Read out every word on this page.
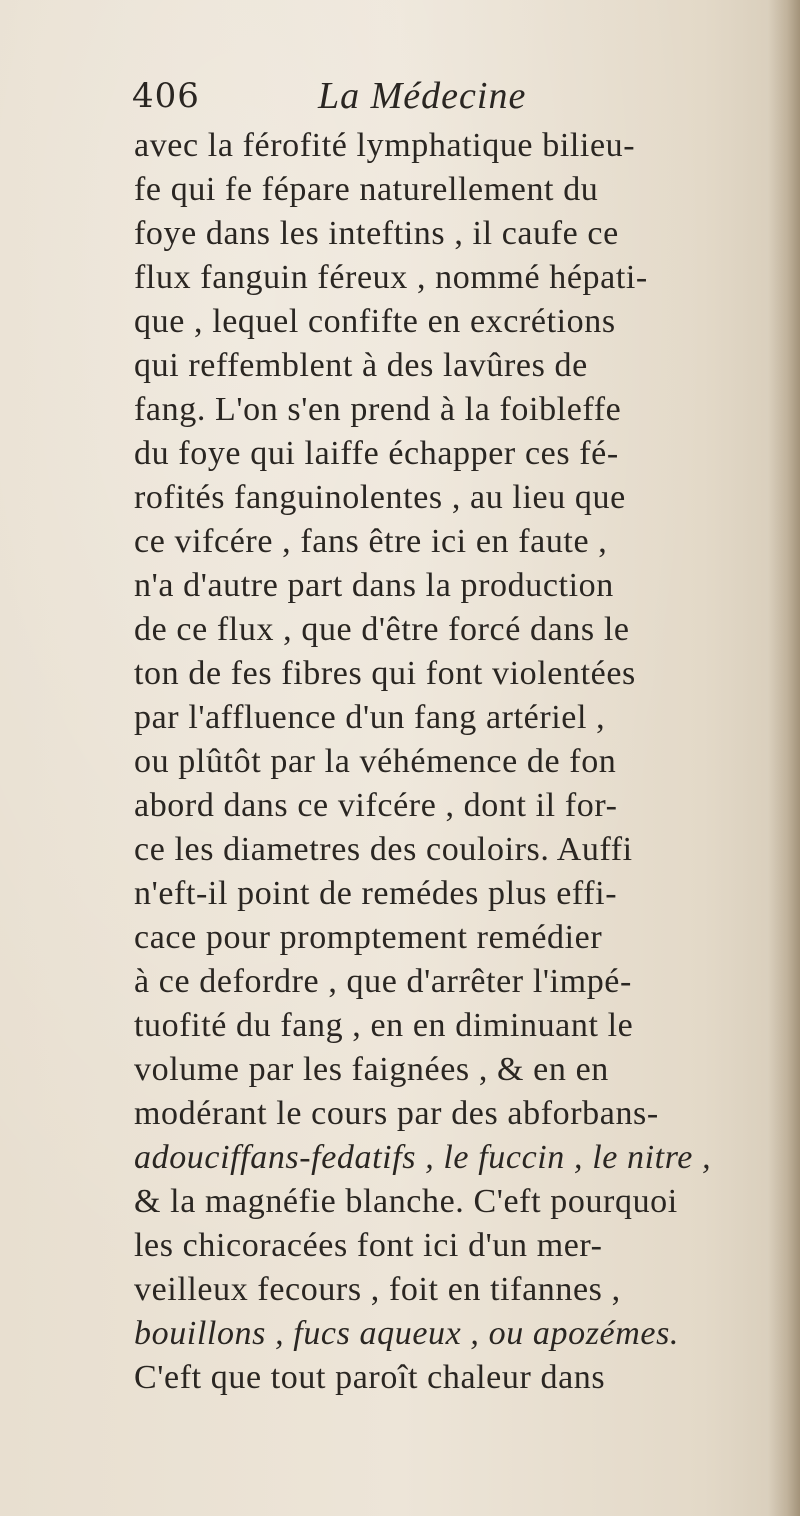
406	La Médecine
avec la férofité lymphatique bilieu-
fe qui fe fépare naturellement du
foye dans les inteftins , il caufe ce
flux fanguin féreux , nommé hépati-
que , lequel confifte en excrétions
qui reffemblent à des lavûres de
fang. L'on s'en prend à la foibleffe
du foye qui laiffe échapper ces fé-
rofités fanguinolentes , au lieu que
ce vifcére , fans être ici en faute ,
n'a d'autre part dans la production
de ce flux , que d'être forcé dans le
ton de fes fibres qui font violentées
par l'affluence d'un fang artériel ,
ou plûtôt par la véhémence de fon
abord dans ce vifcére , dont il for-
ce les diametres des couloirs. Auffi
n'eft-il point de remédes plus effi-
cace pour promptement remédier
à ce defordre , que d'arrêter l'impé-
tuofité du fang , en en diminuant le
volume par les faignées , & en en
modérant le cours par des abforbans-
adouciffans-fedatifs , le fuccin , le nitre ,
& la magnéfie blanche. C'eft pourquoi
les chicoracées font ici d'un mer-
veilleux fecours , foit en tifannes ,
bouillons , fucs aqueux , ou apozémes.
C'eft que tout paroît chaleur dans
